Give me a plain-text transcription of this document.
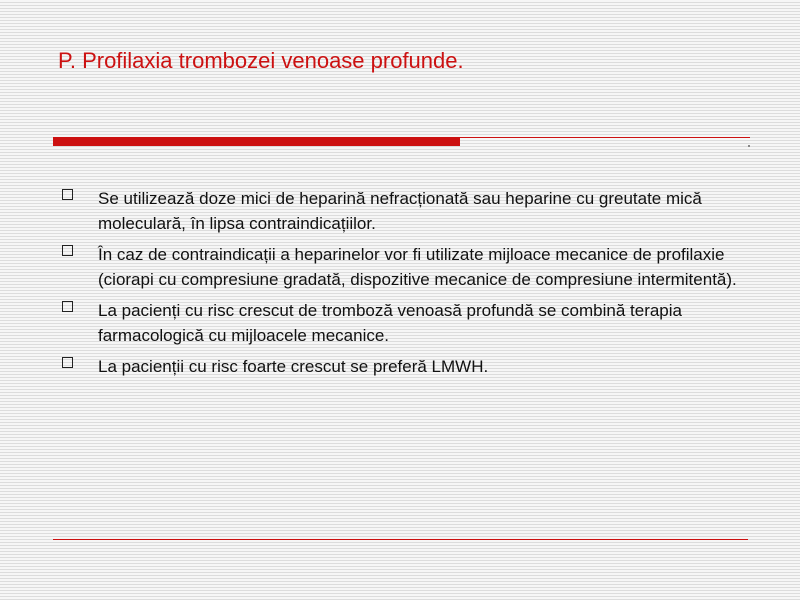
P. Profilaxia trombozei venoase profunde.
Se utilizează doze mici de heparină nefracționată sau heparine cu greutate mică moleculară, în lipsa contraindicațiilor.
În caz de contraindicații a heparinelor vor fi utilizate mijloace mecanice de profilaxie (ciorapi cu compresiune gradată, dispozitive mecanice de compresiune intermitentă).
La pacienți cu risc crescut de tromboză venoasă profundă se combină terapia farmacologică cu mijloacele mecanice.
La pacienții cu risc foarte crescut se preferă LMWH.
